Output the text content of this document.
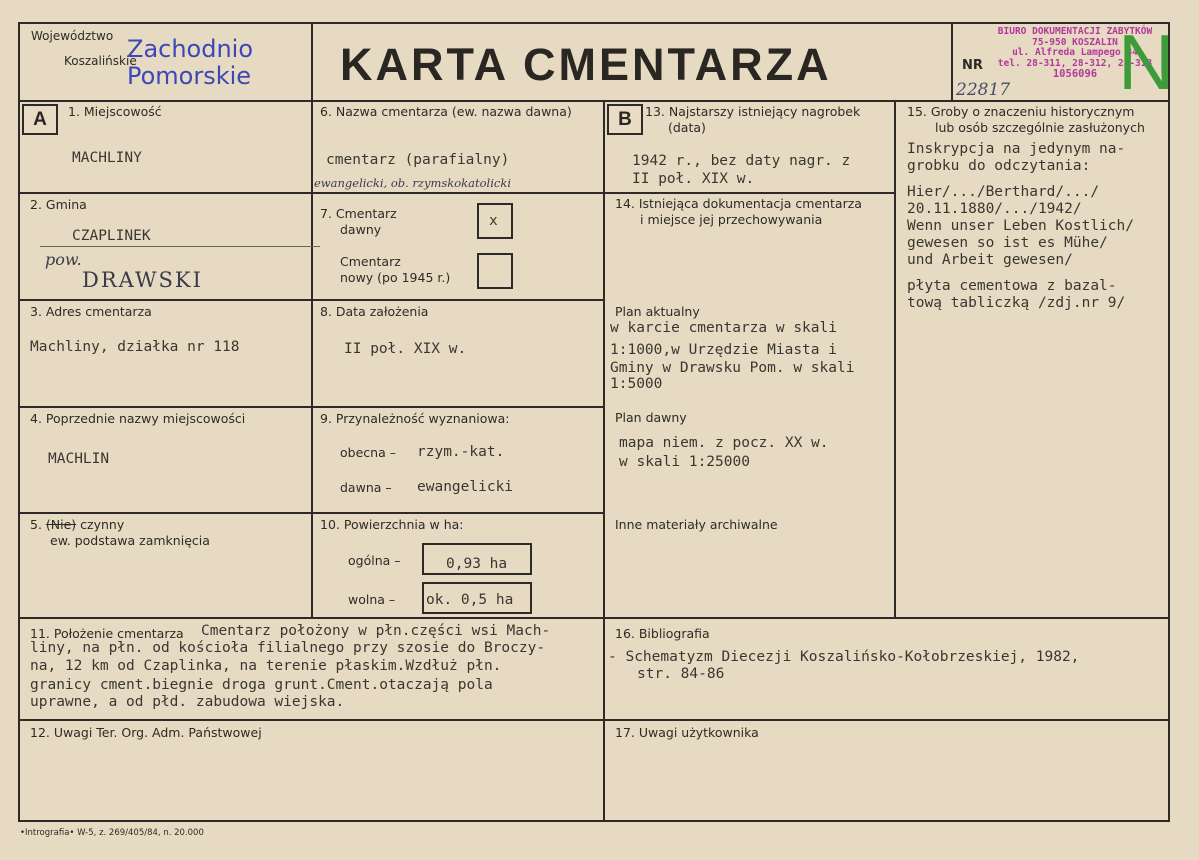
Województwo
Koszalińskie
Zachodnio
Pomorskie KARTA CMENTARZA	NR
22817
BIURO DOKUMENTACJI ZABYTKÓW
75-950 KOSZALIN
ul. Alfreda Lampego 34
tel. 28-311, 28-312, 28-313
1056096 N
A	B
1. Miejscowość
MACHLINY
2. Gmina
CZAPLINEK
pow.
DRAWSKI
3. Adres cmentarza
Machliny, działka nr 118
4. Poprzednie nazwy miejscowości
MACHLIN
5. (Nie) czynny
ew. podstawa zamknięcia
6. Nazwa cmentarza (ew. nazwa dawna)
cmentarz (parafialny)
ewangelicki, ob. rzymskokatolicki
7. Cmentarz
dawny
x
Cmentarz
nowy (po 1945 r.)
8. Data założenia
II poł. XIX w.
9. Przynależność wyznaniowa:
obecna – rzym.-kat.
dawna – ewangelicki
10. Powierzchnia w ha:
ogólna –	0,93 ha
wolna – ok. 0,5 ha
13. Najstarszy istniejący nagrobek
(data)
1942 r., bez daty nagr. z
II poł. XIX w.
14. Istniejąca dokumentacja cmentarza
i miejsce jej przechowywania
Plan aktualny
w karcie cmentarza w skali
1:1000,w Urzędzie Miasta i
Gminy w Drawsku Pom. w skali
1:5000
Plan dawny
mapa niem. z pocz. XX w.
w skali 1:25000
Inne materiały archiwalne
15. Groby o znaczeniu historycznym
lub osób szczególnie zasłużonych
Inskrypcja na jedynym na-
grobku do odczytania:
Hier/.../Berthard/.../
20.11.1880/.../1942/
Wenn unser Leben Kostlich/
gewesen so ist es Mühe/
und Arbeit gewesen/
płyta cementowa z bazal-
tową tabliczką /zdj.nr 9/
11. Położenie cmentarza Cmentarz położony w płn.części wsi Mach-
liny, na płn. od kościoła filialnego przy szosie do Broczy-
na, 12 km od Czaplinka, na terenie płaskim.Wzdłuż płn.
granicy cment.biegnie droga grunt.Cment.otaczają pola
uprawne, a od płd. zabudowa wiejska.
16. Bibliografia
- Schematyzm Diecezji Koszalińsko-Kołobrzeskiej, 1982,
str. 84-86
12. Uwagi Ter. Org. Adm. Państwowej	17. Uwagi użytkownika
•Intrografia• W-5, z. 269/405/84, n. 20.000
